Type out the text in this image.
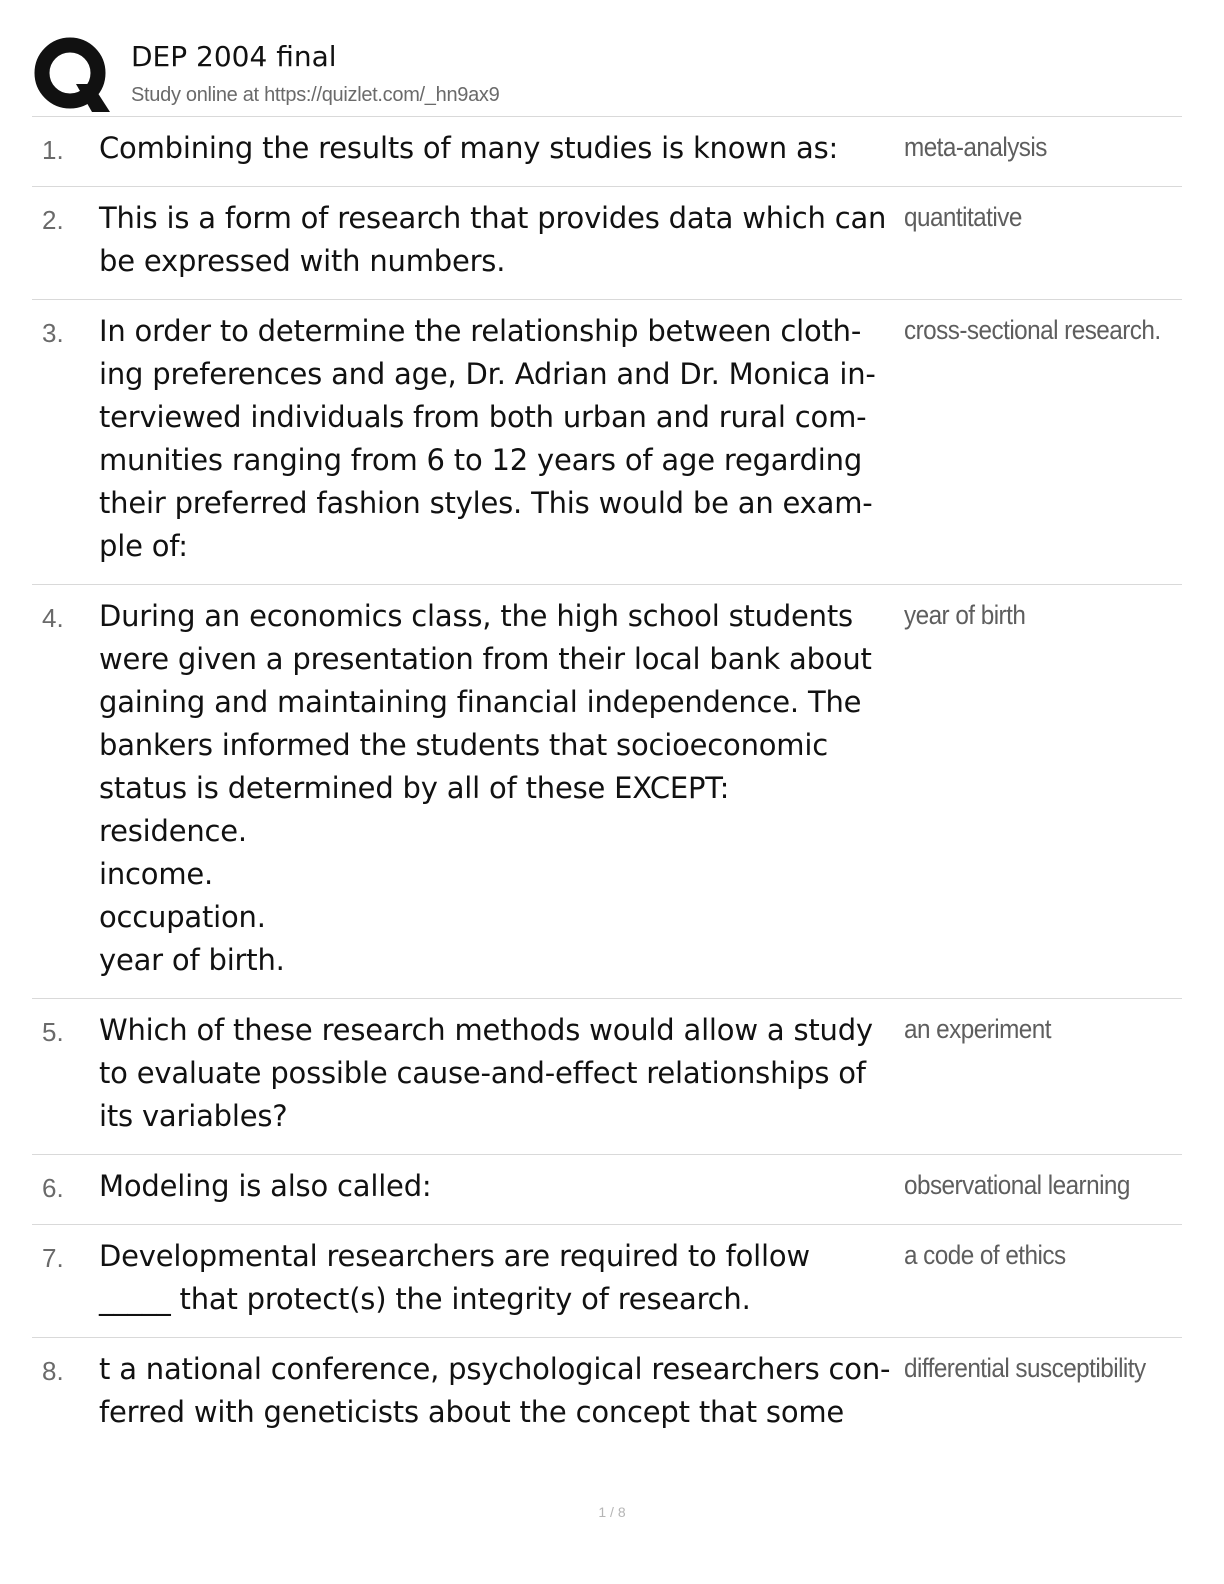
DEP 2004 final
Study online at https://quizlet.com/_hn9ax9
1. Combining the results of many studies is known as:	meta-analysis
2. This is a form of research that provides data which can
be expressed with numbers.
quantitative
3. In order to determine the relationship between cloth-
ing preferences and age, Dr. Adrian and Dr. Monica in-
terviewed individuals from both urban and rural com-
munities ranging from 6 to 12 years of age regarding
their preferred fashion styles. This would be an exam-
ple of:
cross-sectional research.
4. During an economics class, the high school students
were given a presentation from their local bank about
gaining and maintaining financial independence. The
bankers informed the students that socioeconomic
status is determined by all of these EXCEPT:
residence.
income.
occupation.
year of birth.
year of birth
5. Which of these research methods would allow a study
to evaluate possible cause-and-effect relationships of
its variables?
an experiment
6. Modeling is also called:	observational learning
7. Developmental researchers are required to follow
_____ that protect(s) the integrity of research.
a code of ethics
8. t a national conference, psychological researchers con-
ferred with geneticists about the concept that some
differential susceptibility
1 / 8
